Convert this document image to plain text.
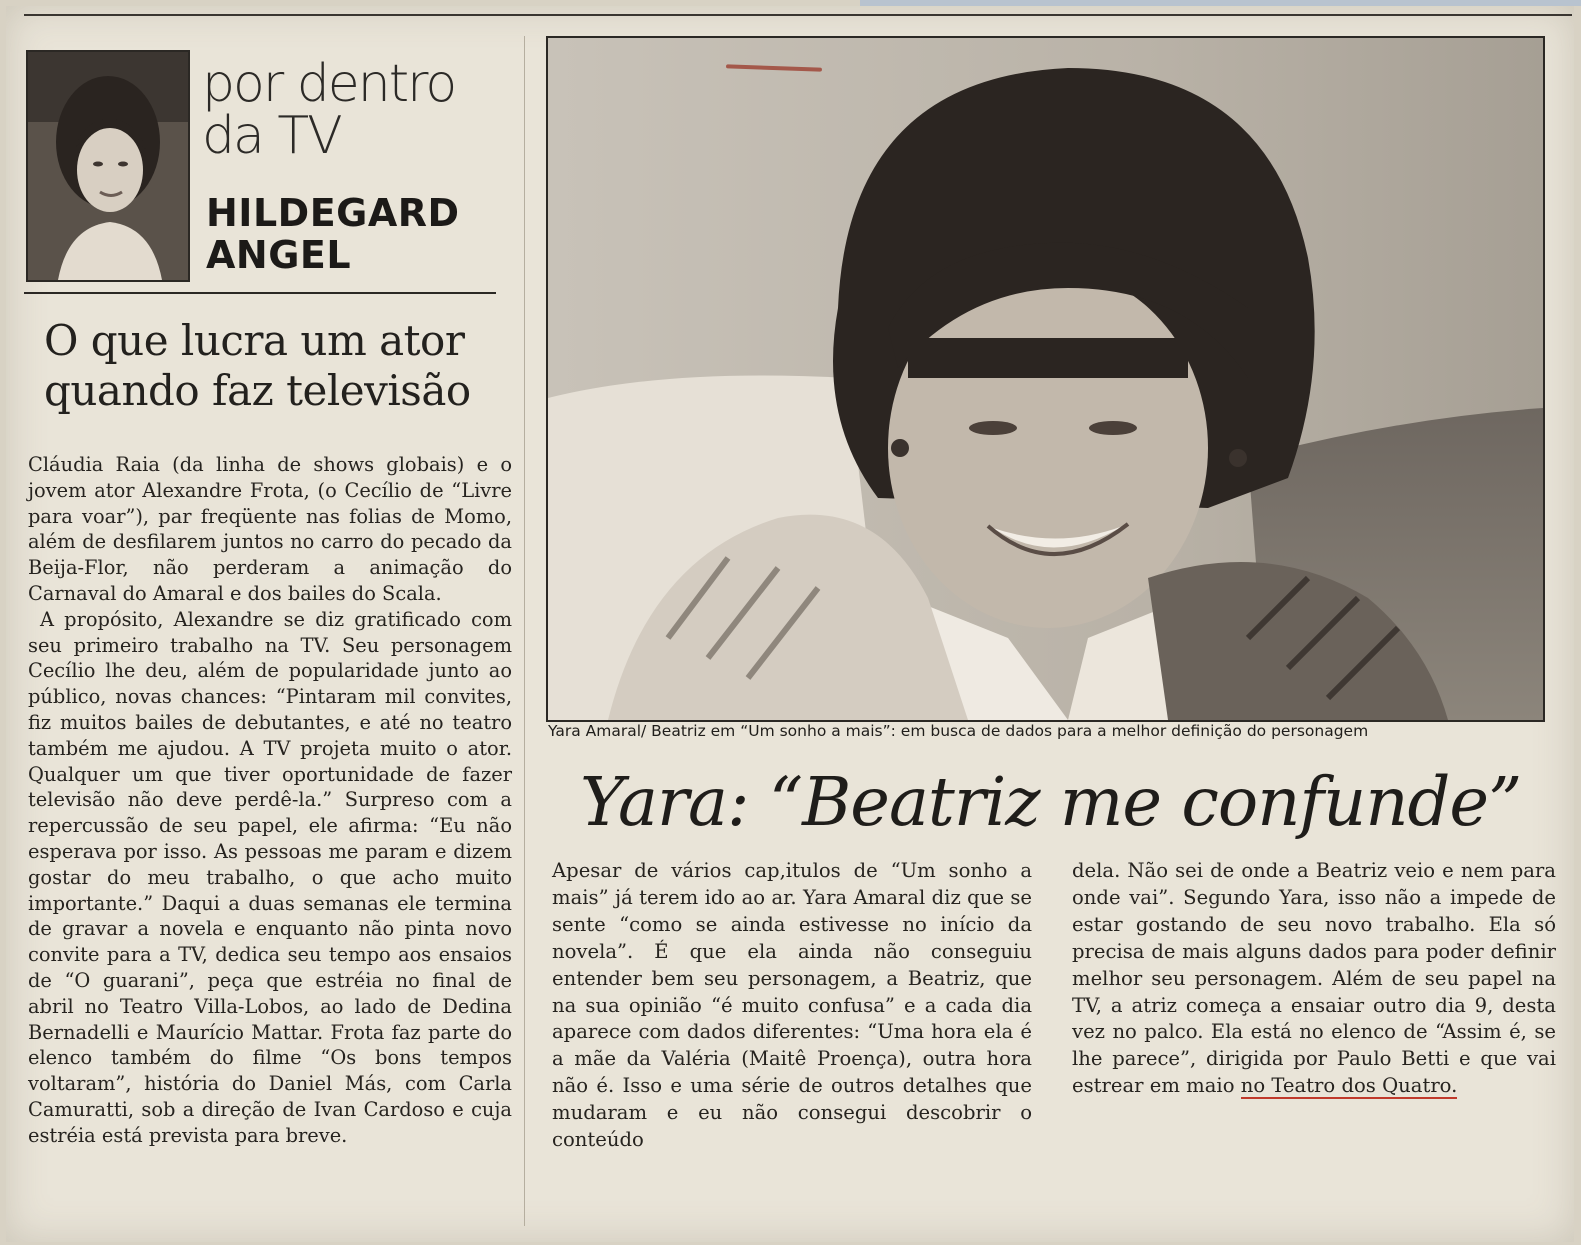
por dentro da TV
HILDEGARD ANGEL
O que lucra um ator quando faz televisão

Cláudia Raia (da linha de shows globais) e o jovem ator Alexandre Frota, (o Cecílio de “Livre para voar”), par freqüente nas folias de Momo, além de desfilarem juntos no carro do pecado da Beija-Flor, não perderam a animação do Carnaval do Amaral e dos bailes do Scala.

A propósito, Alexandre se diz gratificado com seu primeiro trabalho na TV. Seu personagem Cecílio lhe deu, além de popularidade junto ao público, novas chances: “Pintaram mil convites, fiz muitos bailes de debutantes, e até no teatro também me ajudou. A TV projeta muito o ator. Qualquer um que tiver oportunidade de fazer televisão não deve perdê-la.” Surpreso com a repercussão de seu papel, ele afirma: “Eu não esperava por isso. As pessoas me param e dizem gostar do meu trabalho, o que acho muito importante.” Daqui a duas semanas ele termina de gravar a novela e enquanto não pinta novo convite para a TV, dedica seu tempo aos ensaios de “O guarani”, peça que estréia no final de abril no Teatro Villa-Lobos, ao lado de Dedina Bernadelli e Maurício Mattar. Frota faz parte do elenco também do filme “Os bons tempos voltaram”, história do Daniel Más, com Carla Camuratti, sob a direção de Ivan Cardoso e cuja estréia está prevista para breve.

Yara Amaral/ Beatriz em “Um sonho a mais”: em busca de dados para a melhor definição do personagem
Yara: “Beatriz me confunde”

Apesar de vários cap,itulos de “Um sonho a mais” já terem ido ao ar. Yara Amaral diz que se sente “como se ainda estivesse no início da novela”. É que ela ainda não conseguiu entender bem seu personagem, a Beatriz, que na sua opinião “é muito confusa” e a cada dia aparece com dados diferentes: “Uma hora ela é a mãe da Valéria (Maitê Proença), outra hora não é. Isso e uma série de outros detalhes que mudaram e eu não consegui descobrir o conteúdo

dela. Não sei de onde a Beatriz veio e nem para onde vai”. Segundo Yara, isso não a impede de estar gostando de seu novo trabalho. Ela só precisa de mais alguns dados para poder definir melhor seu personagem. Além de seu papel na TV, a atriz começa a ensaiar outro dia 9, desta vez no palco. Ela está no elenco de “Assim é, se lhe parece”, dirigida por Paulo Betti e que vai estrear em maio no Teatro dos Quatro.
